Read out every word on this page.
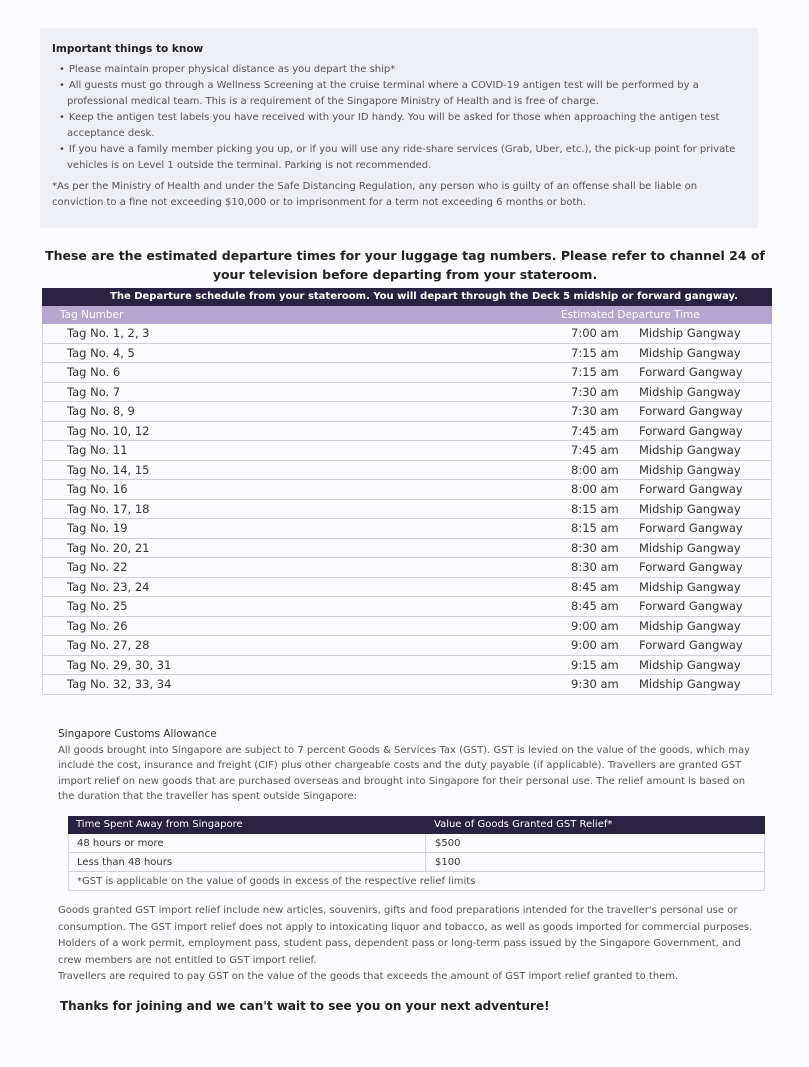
Important things to know
• Please maintain proper physical distance as you depart the ship*
• All guests must go through a Wellness Screening at the cruise terminal where a COVID-19 antigen test will be performed by a professional medical team. This is a requirement of the Singapore Ministry of Health and is free of charge.
• Keep the antigen test labels you have received with your ID handy. You will be asked for those when approaching the antigen test acceptance desk.
• If you have a family member picking you up, or if you will use any ride-share services (Grab, Uber, etc.), the pick-up point for private vehicles is on Level 1 outside the terminal. Parking is not recommended.
*As per the Ministry of Health and under the Safe Distancing Regulation, any person who is guilty of an offense shall be liable on conviction to a fine not exceeding $10,000 or to imprisonment for a term not exceeding 6 months or both.
These are the estimated departure times for your luggage tag numbers. Please refer to channel 24 of your television before departing from your stateroom.
The Departure schedule from your stateroom. You will depart through the Deck 5 midship or forward gangway.
Tag Number	Estimated Departure Time
Tag No. 1, 2, 3	7:00 am Midship Gangway
Tag No. 4, 5	7:15 am Midship Gangway
Tag No. 6	7:15 am Forward Gangway
Tag No. 7	7:30 am Midship Gangway
Tag No. 8, 9	7:30 am Forward Gangway
Tag No. 10, 12	7:45 am Forward Gangway
Tag No. 11	7:45 am Midship Gangway
Tag No. 14, 15	8:00 am Midship Gangway
Tag No. 16	8:00 am Forward Gangway
Tag No. 17, 18	8:15 am Midship Gangway
Tag No. 19	8:15 am Forward Gangway
Tag No. 20, 21	8:30 am Midship Gangway
Tag No. 22	8:30 am Forward Gangway
Tag No. 23, 24	8:45 am Midship Gangway
Tag No. 25	8:45 am Forward Gangway
Tag No. 26	9:00 am Midship Gangway
Tag No. 27, 28	9:00 am Forward Gangway
Tag No. 29, 30, 31	9:15 am Midship Gangway
Tag No. 32, 33, 34	9:30 am Midship Gangway
Singapore Customs Allowance
All goods brought into Singapore are subject to 7 percent Goods & Services Tax (GST). GST is levied on the value of the goods, which may include the cost, insurance and freight (CIF) plus other chargeable costs and the duty payable (if applicable). Travellers are granted GST import relief on new goods that are purchased overseas and brought into Singapore for their personal use. The relief amount is based on the duration that the traveller has spent outside Singapore:
Time Spent Away from Singapore	Value of Goods Granted GST Relief*
48 hours or more	$500
Less than 48 hours	$100
*GST is applicable on the value of goods in excess of the respective relief limits

Goods granted GST import relief include new articles, souvenirs, gifts and food preparations intended for the traveller's personal use or consumption. The GST import relief does not apply to intoxicating liquor and tobacco, as well as goods imported for commercial purposes. Holders of a work permit, employment pass, student pass, dependent pass or long-term pass issued by the Singapore Government, and crew members are not entitled to GST import relief.

Travellers are required to pay GST on the value of the goods that exceeds the amount of GST import relief granted to them.

Thanks for joining and we can't wait to see you on your next adventure!
